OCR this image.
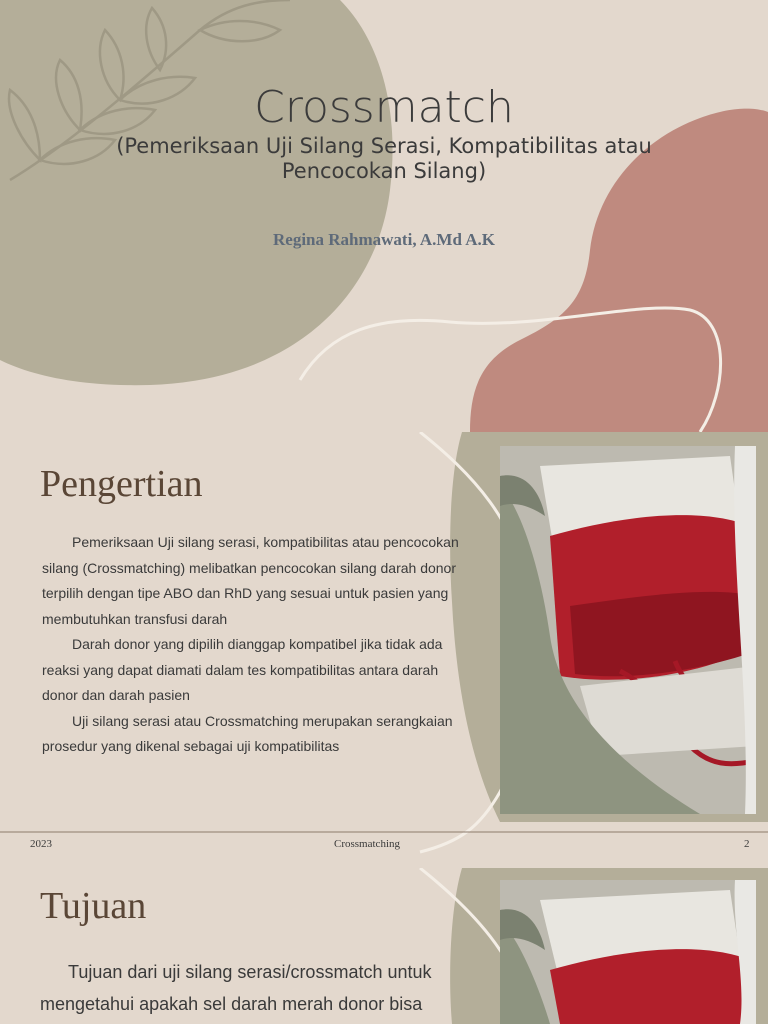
Crossmatch
(Pemeriksaan Uji Silang Serasi, Kompatibilitas atau Pencocokan Silang)
Regina Rahmawati, A.Md A.K
Pengertian

Pemeriksaan Uji silang serasi, kompatibilitas atau pencocokan silang (Crossmatching) melibatkan pencocokan silang darah donor terpilih dengan tipe ABO dan RhD yang sesuai untuk pasien yang membutuhkan transfusi darah

Darah donor yang dipilih dianggap kompatibel jika tidak ada reaksi yang dapat diamati dalam tes kompatibilitas antara darah donor dan darah pasien

Uji silang serasi atau Crossmatching merupakan serangkaian prosedur yang dikenal sebagai uji kompatibilitas

2023	Crossmatching	2
Tujuan

Tujuan dari uji silang serasi/crossmatch untuk mengetahui apakah sel darah merah donor bisa
